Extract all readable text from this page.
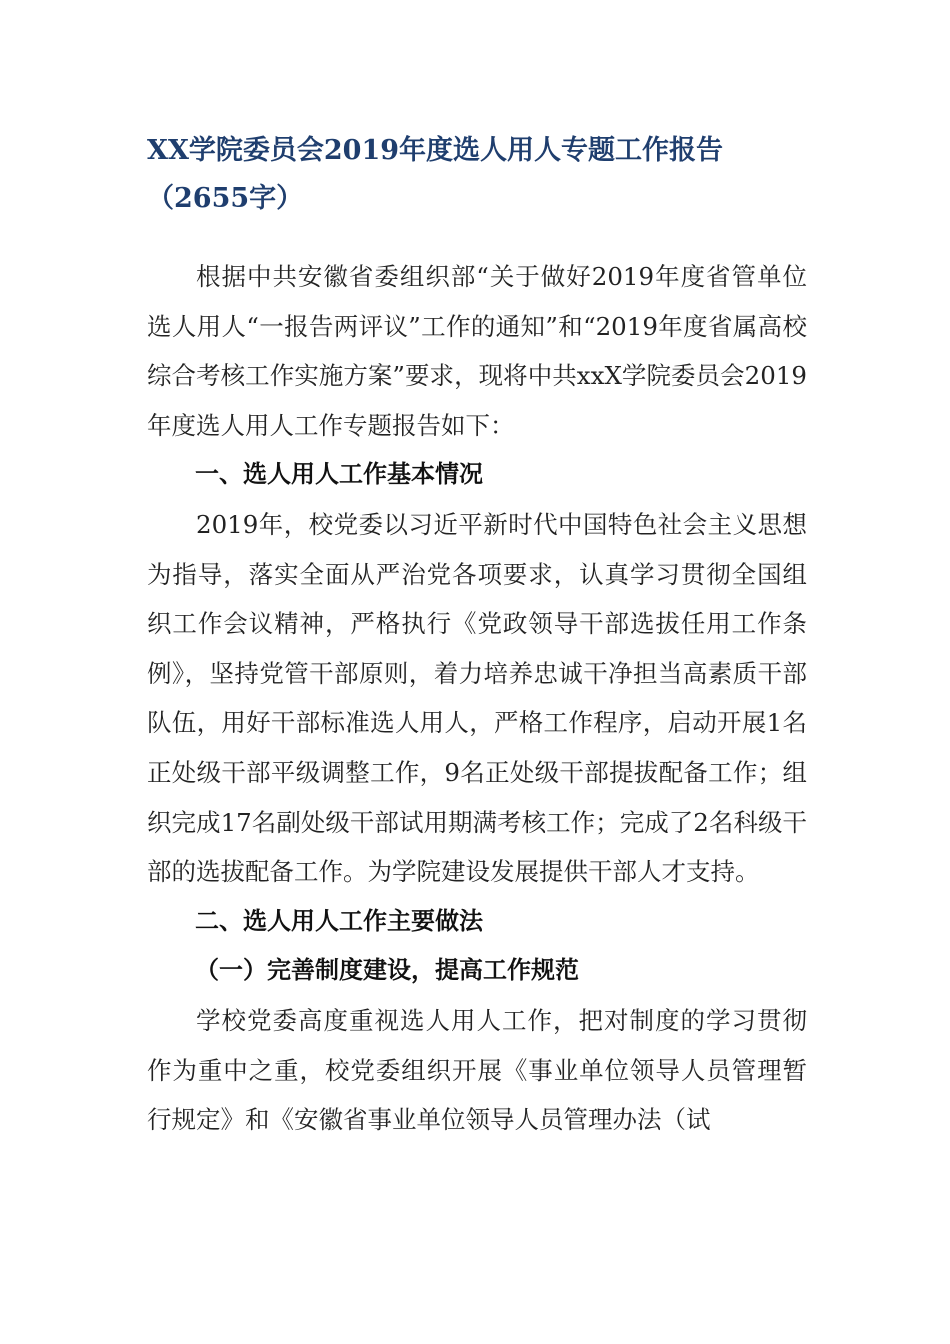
XX学院委员会2019年度选人用人专题工作报告（2655字）

根据中共安徽省委组织部“关于做好2019年度省管单位选人用人“一报告两评议”工作的通知”和“2019年度省属高校综合考核工作实施方案”要求，现将中共xxX学院委员会2019年度选人用人工作专题报告如下：

一、选人用人工作基本情况

2019年，校党委以习近平新时代中国特色社会主义思想为指导，落实全面从严治党各项要求，认真学习贯彻全国组织工作会议精神，严格执行《党政领导干部选拔任用工作条例》，坚持党管干部原则，着力培养忠诚干净担当高素质干部队伍，用好干部标准选人用人，严格工作程序，启动开展1名正处级干部平级调整工作，9名正处级干部提拔配备工作；组织完成17名副处级干部试用期满考核工作；完成了2名科级干部的选拔配备工作。为学院建设发展提供干部人才支持。

二、选人用人工作主要做法

（一）完善制度建设，提高工作规范

学校党委高度重视选人用人工作，把对制度的学习贯彻作为重中之重，校党委组织开展《事业单位领导人员管理暂行规定》和《安徽省事业单位领导人员管理办法（试
